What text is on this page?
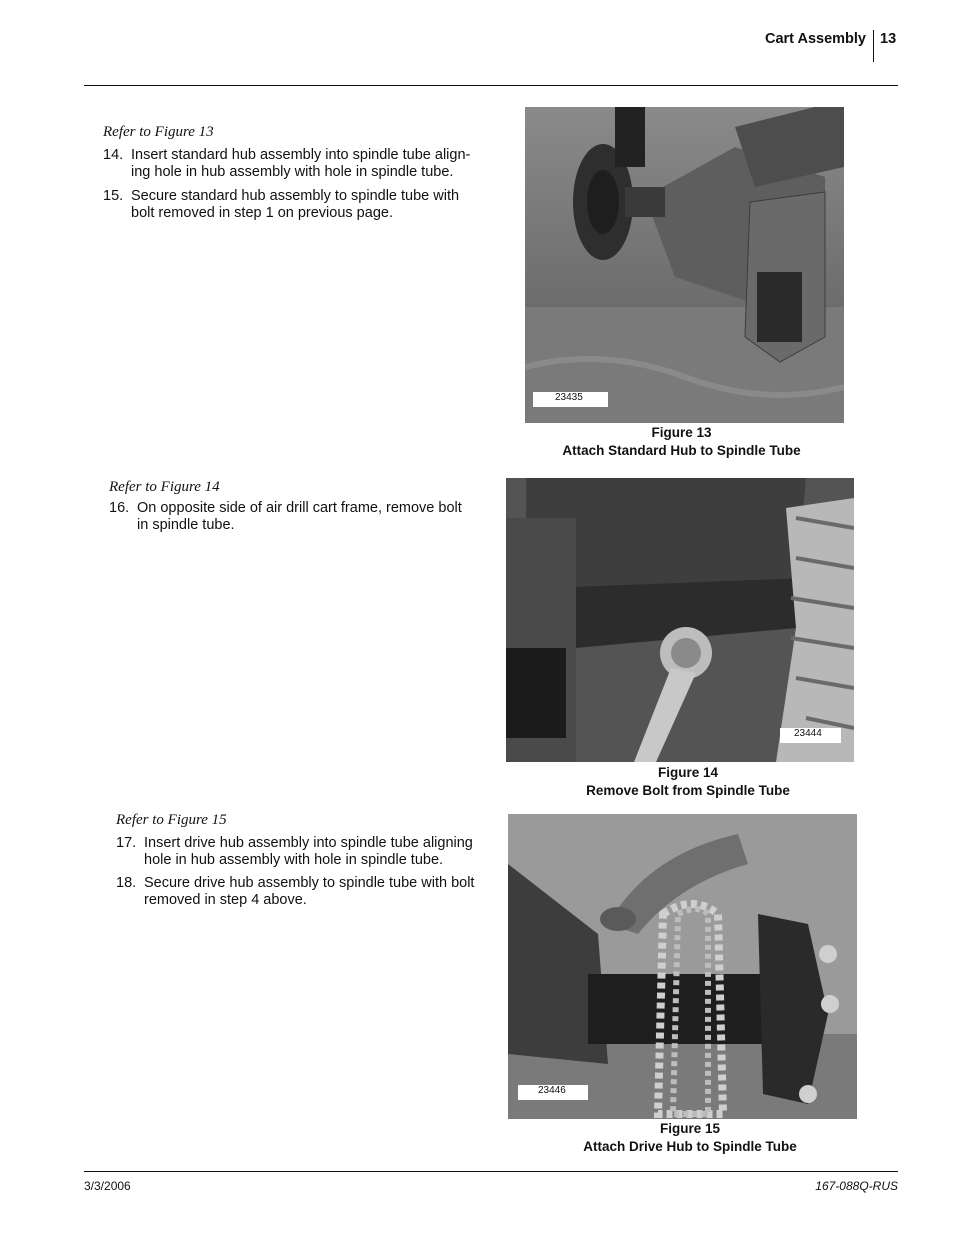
Cart Assembly 13
Refer to Figure 13
14. Insert standard hub assembly into spindle tube align-
ing hole in hub assembly with hole in spindle tube.
15. Secure standard hub assembly to spindle tube with
bolt removed in step 1 on previous page.
23435
Figure 13
Attach Standard Hub to Spindle Tube
Refer to Figure 14
16. On opposite side of air drill cart frame, remove bolt
in spindle tube.
23444
Figure 14
Remove Bolt from Spindle Tube
Refer to Figure 15
17. Insert drive hub assembly into spindle tube aligning
hole in hub assembly with hole in spindle tube.
18. Secure drive hub assembly to spindle tube with bolt
removed in step 4 above.
23446
Figure 15
Attach Drive Hub to Spindle Tube
3/3/2006	167-088Q-RUS
